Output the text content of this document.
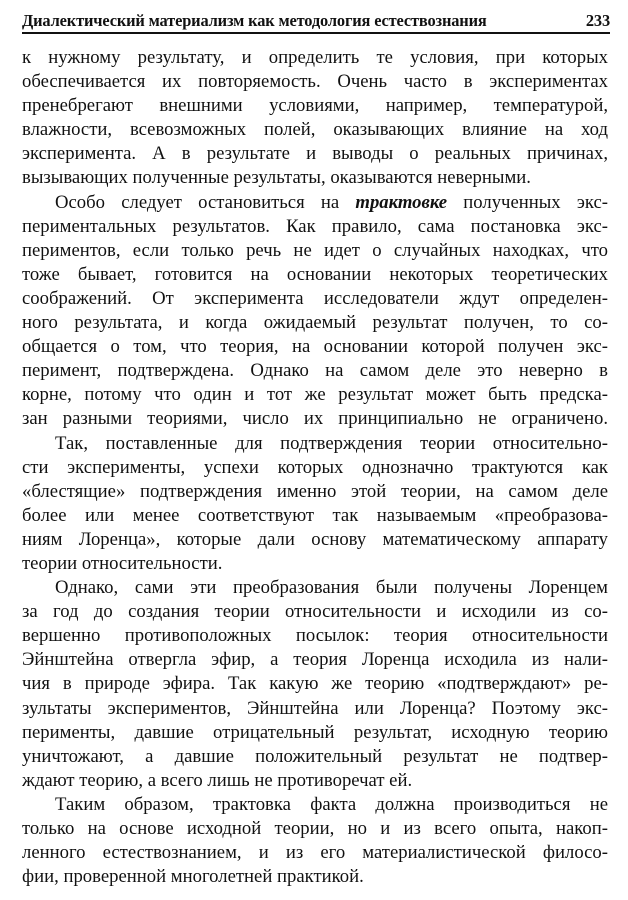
Диалектический материализм как методология естествознания	233
к нужному результату, и определить те условия, при которых
обеспечивается их повторяемость. Очень часто в экспериментах
пренебрегают внешними условиями, например, температурой,
влажности, всевозможных полей, оказывающих влияние на ход
эксперимента. А в результате и выводы о реальных причинах,
вызывающих полученные результаты, оказываются неверными.
Особо следует остановиться на трактовке полученных экс-
периментальных результатов. Как правило, сама постановка экс-
периментов, если только речь не идет о случайных находках, что
тоже бывает, готовится на основании некоторых теоретических
соображений. От эксперимента исследователи ждут определен-
ного результата, и когда ожидаемый результат получен, то со-
общается о том, что теория, на основании которой получен экс-
перимент, подтверждена. Однако на самом деле это неверно в
корне, потому что один и тот же результат может быть предска-
зан разными теориями, число их принципиально не ограничено.
Так, поставленные для подтверждения теории относительно-
сти эксперименты, успехи которых однозначно трактуются как
«блестящие» подтверждения именно этой теории, на самом деле
более или менее соответствуют так называемым «преобразова-
ниям Лоренца», которые дали основу математическому аппарату
теории относительности.
Однако, сами эти преобразования были получены Лоренцем
за год до создания теории относительности и исходили из со-
вершенно противоположных посылок: теория относительности
Эйнштейна отвергла эфир, а теория Лоренца исходила из нали-
чия в природе эфира. Так какую же теорию «подтверждают» ре-
зультаты экспериментов, Эйнштейна или Лоренца? Поэтому экс-
перименты, давшие отрицательный результат, исходную теорию
уничтожают, а давшие положительный результат не подтвер-
ждают теорию, а всего лишь не противоречат ей.
Таким образом, трактовка факта должна производиться не
только на основе исходной теории, но и из всего опыта, накоп-
ленного естествознанием, и из его материалистической филосо-
фии, проверенной многолетней практикой.
